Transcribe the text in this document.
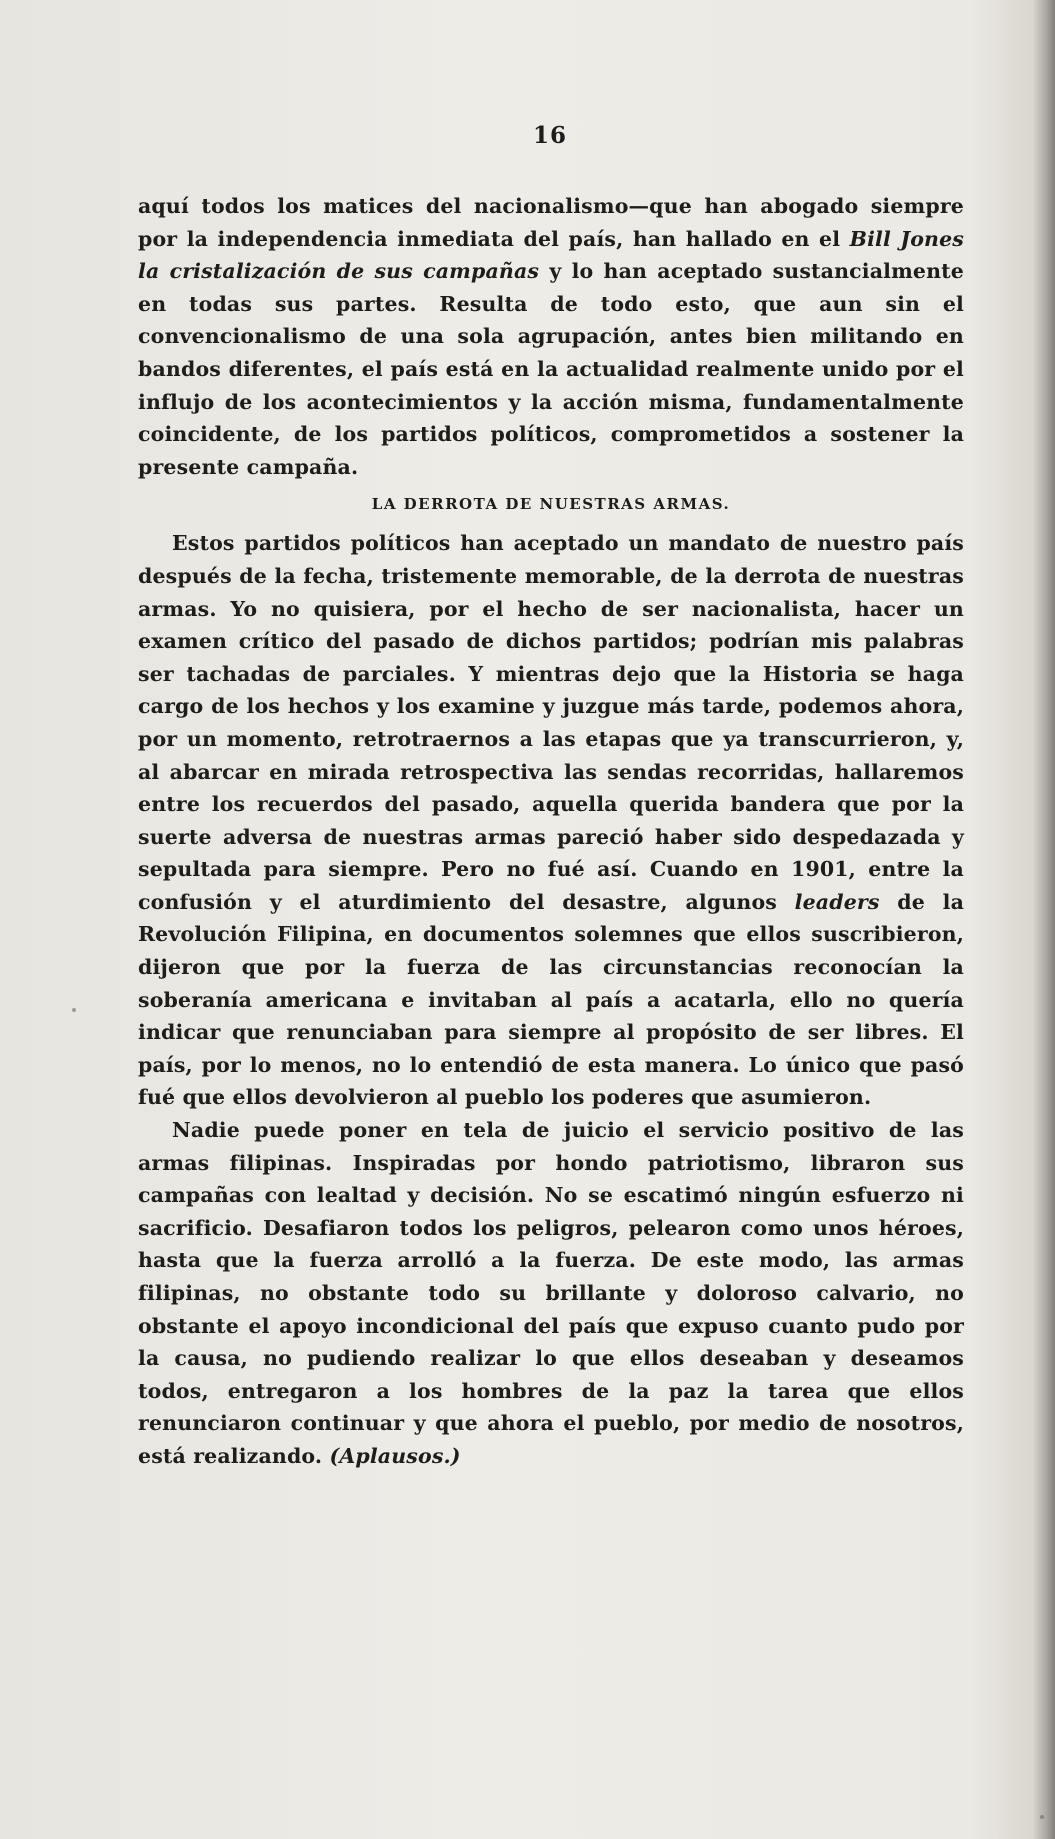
16

aquí todos los matices del nacionalismo—que han abogado siempre por la independencia inmediata del país, han hallado en el Bill Jones la cristalización de sus campañas y lo han aceptado sustancialmente en todas sus partes. Resulta de todo esto, que aun sin el convencionalismo de una sola agrupación, antes bien militando en bandos diferentes, el país está en la actualidad realmente unido por el influjo de los acontecimientos y la acción misma, fundamentalmente coincidente, de los partidos políticos, comprometidos a sostener la presente campaña.

LA DERROTA DE NUESTRAS ARMAS.

Estos partidos políticos han aceptado un mandato de nuestro país después de la fecha, tristemente memorable, de la derrota de nuestras armas. Yo no quisiera, por el hecho de ser nacionalista, hacer un examen crítico del pasado de dichos partidos; podrían mis palabras ser tachadas de parciales. Y mientras dejo que la Historia se haga cargo de los hechos y los examine y juzgue más tarde, podemos ahora, por un momento, retrotraernos a las etapas que ya transcurrieron, y, al abarcar en mirada retrospectiva las sendas recorridas, hallaremos entre los recuerdos del pasado, aquella querida bandera que por la suerte adversa de nuestras armas pareció haber sido despedazada y sepultada para siempre. Pero no fué así. Cuando en 1901, entre la confusión y el aturdimiento del desastre, algunos leaders de la Revolución Filipina, en documentos solemnes que ellos suscribieron, dijeron que por la fuerza de las circunstancias reconocían la soberanía americana e invitaban al país a acatarla, ello no quería indicar que renunciaban para siempre al propósito de ser libres. El país, por lo menos, no lo entendió de esta manera. Lo único que pasó fué que ellos devolvieron al pueblo los poderes que asumieron.

Nadie puede poner en tela de juicio el servicio positivo de las armas filipinas. Inspiradas por hondo patriotismo, libraron sus campañas con lealtad y decisión. No se escatimó ningún esfuerzo ni sacrificio. Desafiaron todos los peligros, pelearon como unos héroes, hasta que la fuerza arrolló a la fuerza. De este modo, las armas filipinas, no obstante todo su brillante y doloroso calvario, no obstante el apoyo incondicional del país que expuso cuanto pudo por la causa, no pudiendo realizar lo que ellos deseaban y deseamos todos, entregaron a los hombres de la paz la tarea que ellos renunciaron continuar y que ahora el pueblo, por medio de nosotros, está realizando. (Aplausos.)
